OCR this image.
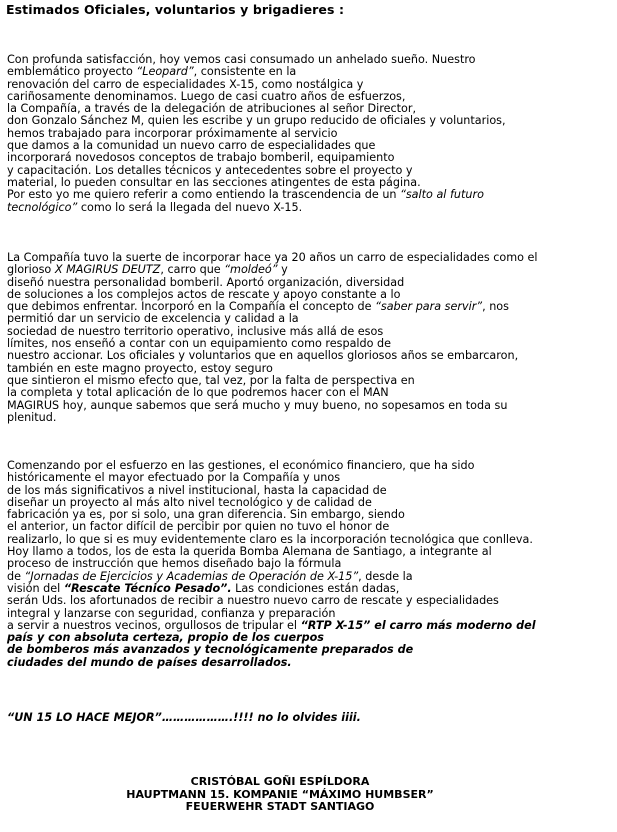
Estimados Oficiales, voluntarios y brigadieres :
Con profunda satisfacción, hoy vemos casi consumado un anhelado sueño. Nuestro
emblemático proyecto “Leopard”, consistente en la
renovación del carro de especialidades X-15, como nostálgica y
cariñosamente denominamos. Luego de casi cuatro años de esfuerzos,
la Compañía, a través de la delegación de atribuciones al señor Director,
don Gonzalo Sánchez M, quien les escribe y un grupo reducido de oficiales y voluntarios,
hemos trabajado para incorporar próximamente al servicio
que damos a la comunidad un nuevo carro de especialidades que
incorporará novedosos conceptos de trabajo bomberil, equipamiento
y capacitación. Los detalles técnicos y antecedentes sobre el proyecto y
material, lo pueden consultar en las secciones atingentes de esta página.
Por esto yo me quiero referir a como entiendo la trascendencia de un “salto al futuro
tecnológico” como lo será la llegada del nuevo X-15.
La Compañía tuvo la suerte de incorporar hace ya 20 años un carro de especialidades como el
glorioso X MAGIRUS DEUTZ, carro que “moldeó” y
diseñó nuestra personalidad bomberil. Aportó organización, diversidad
de soluciones a los complejos actos de rescate y apoyo constante a lo
que debimos enfrentar. Incorporó en la Compañía el concepto de “saber para servir”, nos
permitió dar un servicio de excelencia y calidad a la
sociedad de nuestro territorio operativo, inclusive más allá de esos
límites, nos enseñó a contar con un equipamiento como respaldo de
nuestro accionar. Los oficiales y voluntarios que en aquellos gloriosos años se embarcaron,
también en este magno proyecto, estoy seguro
que sintieron el mismo efecto que, tal vez, por la falta de perspectiva en
la completa y total aplicación de lo que podremos hacer con el MAN
MAGIRUS hoy, aunque sabemos que será mucho y muy bueno, no sopesamos en toda su
plenitud.
Comenzando por el esfuerzo en las gestiones, el económico financiero, que ha sido
históricamente el mayor efectuado por la Compañía y unos
de los más significativos a nivel institucional, hasta la capacidad de
diseñar un proyecto al más alto nivel tecnológico y de calidad de
fabricación ya es, por si solo, una gran diferencia. Sin embargo, siendo
el anterior, un factor difícil de percibir por quien no tuvo el honor de
realizarlo, lo que si es muy evidentemente claro es la incorporación tecnológica que conlleva.
Hoy llamo a todos, los de esta la querida Bomba Alemana de Santiago, a integrante al
proceso de instrucción que hemos diseñado bajo la fórmula
de “Jornadas de Ejercicios y Academias de Operación de X-15”, desde la
visión del “Rescate Técnico Pesado”. Las condiciones están dadas,
serán Uds. los afortunados de recibir a nuestro nuevo carro de rescate y especialidades
integral y lanzarse con seguridad, confianza y preparación
a servir a nuestros vecinos, orgullosos de tripular el “RTP X-15” el carro más moderno del
país y con absoluta certeza, propio de los cuerpos
de bomberos más avanzados y tecnológicamente preparados de
ciudades del mundo de países desarrollados.

“UN 15 LO HACE MEJOR”……………….!!!! no lo olvides iiii.

CRISTÓBAL GOÑI ESPÍLDORA
HAUPTMANN 15. KOMPANIE “MÁXIMO HUMBSER”
FEUERWEHR STADT SANTIAGO
